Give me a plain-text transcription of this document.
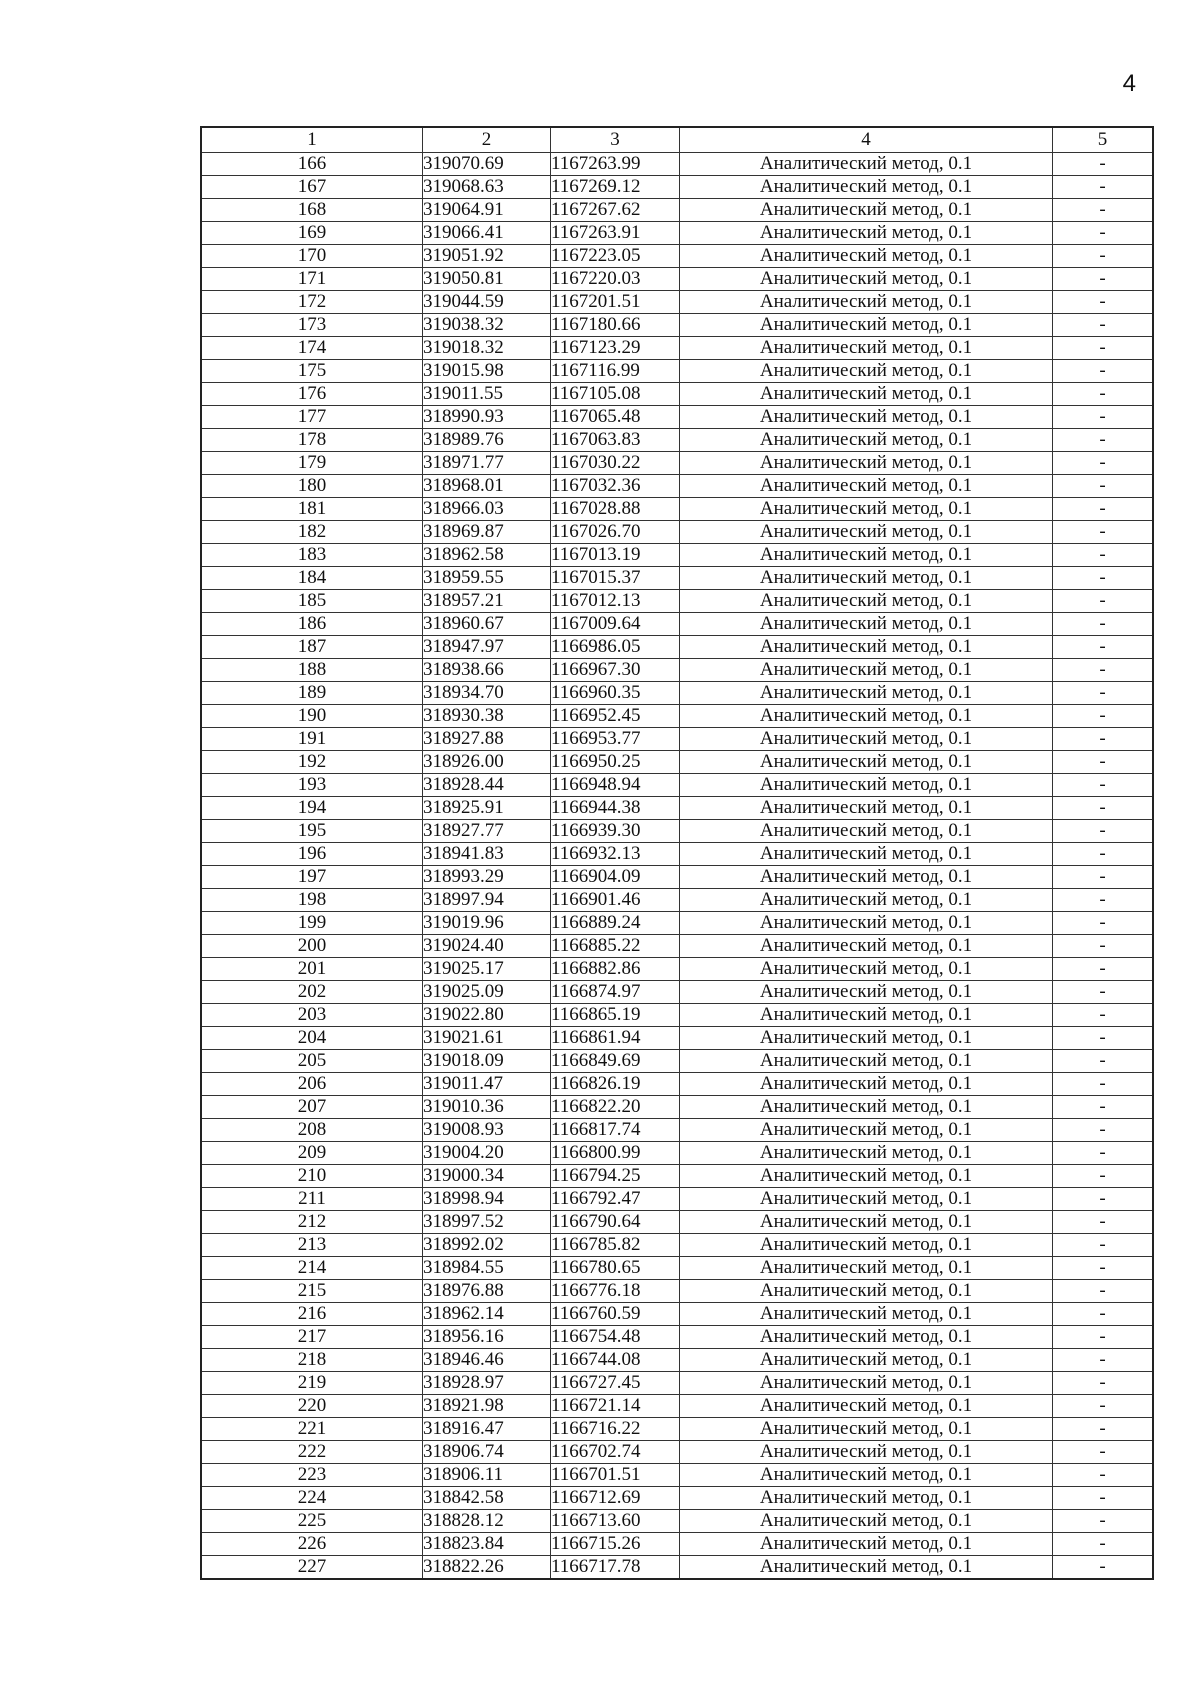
4
1	2	3	4	5
166	319070.69	1167263.99	Аналитический метод, 0.1	-
167	319068.63	1167269.12	Аналитический метод, 0.1	-
168	319064.91	1167267.62	Аналитический метод, 0.1	-
169	319066.41	1167263.91	Аналитический метод, 0.1	-
170	319051.92	1167223.05	Аналитический метод, 0.1	-
171	319050.81	1167220.03	Аналитический метод, 0.1	-
172	319044.59	1167201.51	Аналитический метод, 0.1	-
173	319038.32	1167180.66	Аналитический метод, 0.1	-
174	319018.32	1167123.29	Аналитический метод, 0.1	-
175	319015.98	1167116.99	Аналитический метод, 0.1	-
176	319011.55	1167105.08	Аналитический метод, 0.1	-
177	318990.93	1167065.48	Аналитический метод, 0.1	-
178	318989.76	1167063.83	Аналитический метод, 0.1	-
179	318971.77	1167030.22	Аналитический метод, 0.1	-
180	318968.01	1167032.36	Аналитический метод, 0.1	-
181	318966.03	1167028.88	Аналитический метод, 0.1	-
182	318969.87	1167026.70	Аналитический метод, 0.1	-
183	318962.58	1167013.19	Аналитический метод, 0.1	-
184	318959.55	1167015.37	Аналитический метод, 0.1	-
185	318957.21	1167012.13	Аналитический метод, 0.1	-
186	318960.67	1167009.64	Аналитический метод, 0.1	-
187	318947.97	1166986.05	Аналитический метод, 0.1	-
188	318938.66	1166967.30	Аналитический метод, 0.1	-
189	318934.70	1166960.35	Аналитический метод, 0.1	-
190	318930.38	1166952.45	Аналитический метод, 0.1	-
191	318927.88	1166953.77	Аналитический метод, 0.1	-
192	318926.00	1166950.25	Аналитический метод, 0.1	-
193	318928.44	1166948.94	Аналитический метод, 0.1	-
194	318925.91	1166944.38	Аналитический метод, 0.1	-
195	318927.77	1166939.30	Аналитический метод, 0.1	-
196	318941.83	1166932.13	Аналитический метод, 0.1	-
197	318993.29	1166904.09	Аналитический метод, 0.1	-
198	318997.94	1166901.46	Аналитический метод, 0.1	-
199	319019.96	1166889.24	Аналитический метод, 0.1	-
200	319024.40	1166885.22	Аналитический метод, 0.1	-
201	319025.17	1166882.86	Аналитический метод, 0.1	-
202	319025.09	1166874.97	Аналитический метод, 0.1	-
203	319022.80	1166865.19	Аналитический метод, 0.1	-
204	319021.61	1166861.94	Аналитический метод, 0.1	-
205	319018.09	1166849.69	Аналитический метод, 0.1	-
206	319011.47	1166826.19	Аналитический метод, 0.1	-
207	319010.36	1166822.20	Аналитический метод, 0.1	-
208	319008.93	1166817.74	Аналитический метод, 0.1	-
209	319004.20	1166800.99	Аналитический метод, 0.1	-
210	319000.34	1166794.25	Аналитический метод, 0.1	-
211	318998.94	1166792.47	Аналитический метод, 0.1	-
212	318997.52	1166790.64	Аналитический метод, 0.1	-
213	318992.02	1166785.82	Аналитический метод, 0.1	-
214	318984.55	1166780.65	Аналитический метод, 0.1	-
215	318976.88	1166776.18	Аналитический метод, 0.1	-
216	318962.14	1166760.59	Аналитический метод, 0.1	-
217	318956.16	1166754.48	Аналитический метод, 0.1	-
218	318946.46	1166744.08	Аналитический метод, 0.1	-
219	318928.97	1166727.45	Аналитический метод, 0.1	-
220	318921.98	1166721.14	Аналитический метод, 0.1	-
221	318916.47	1166716.22	Аналитический метод, 0.1	-
222	318906.74	1166702.74	Аналитический метод, 0.1	-
223	318906.11	1166701.51	Аналитический метод, 0.1	-
224	318842.58	1166712.69	Аналитический метод, 0.1	-
225	318828.12	1166713.60	Аналитический метод, 0.1	-
226	318823.84	1166715.26	Аналитический метод, 0.1	-
227	318822.26	1166717.78	Аналитический метод, 0.1	-
